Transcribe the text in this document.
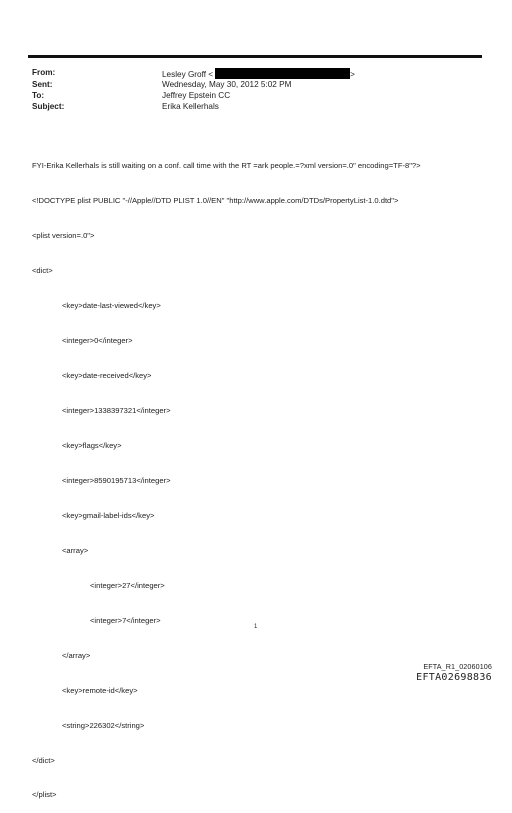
From:	Lesley Groff <	>
Sent:	Wednesday, May 30, 2012 5:02 PM
To:	Jeffrey Epstein CC
Subject:	Erika Kellerhals

FYI-Erika Kellerhals is still waiting on a conf. call time with the RT =ark people.=?xml version=.0" encoding=TF-8"?>

<!DOCTYPE plist PUBLIC "-//Apple//DTD PLIST 1.0//EN" "http://www.apple.com/DTDs/PropertyList-1.0.dtd">

<plist version=.0">

<dict>

<key>date-last-viewed</key>

<integer>0</integer>

<key>date-received</key>

<integer>1338397321</integer>

<key>flags</key>

<integer>8590195713</integer>

<key>gmail-label-ids</key>

<array>

<integer>27</integer>

<integer>7</integer>

</array>

<key>remote-id</key>

<string>226302</string>

</dict>

</plist>

1
EFTA_R1_02060106
EFTA02698836
